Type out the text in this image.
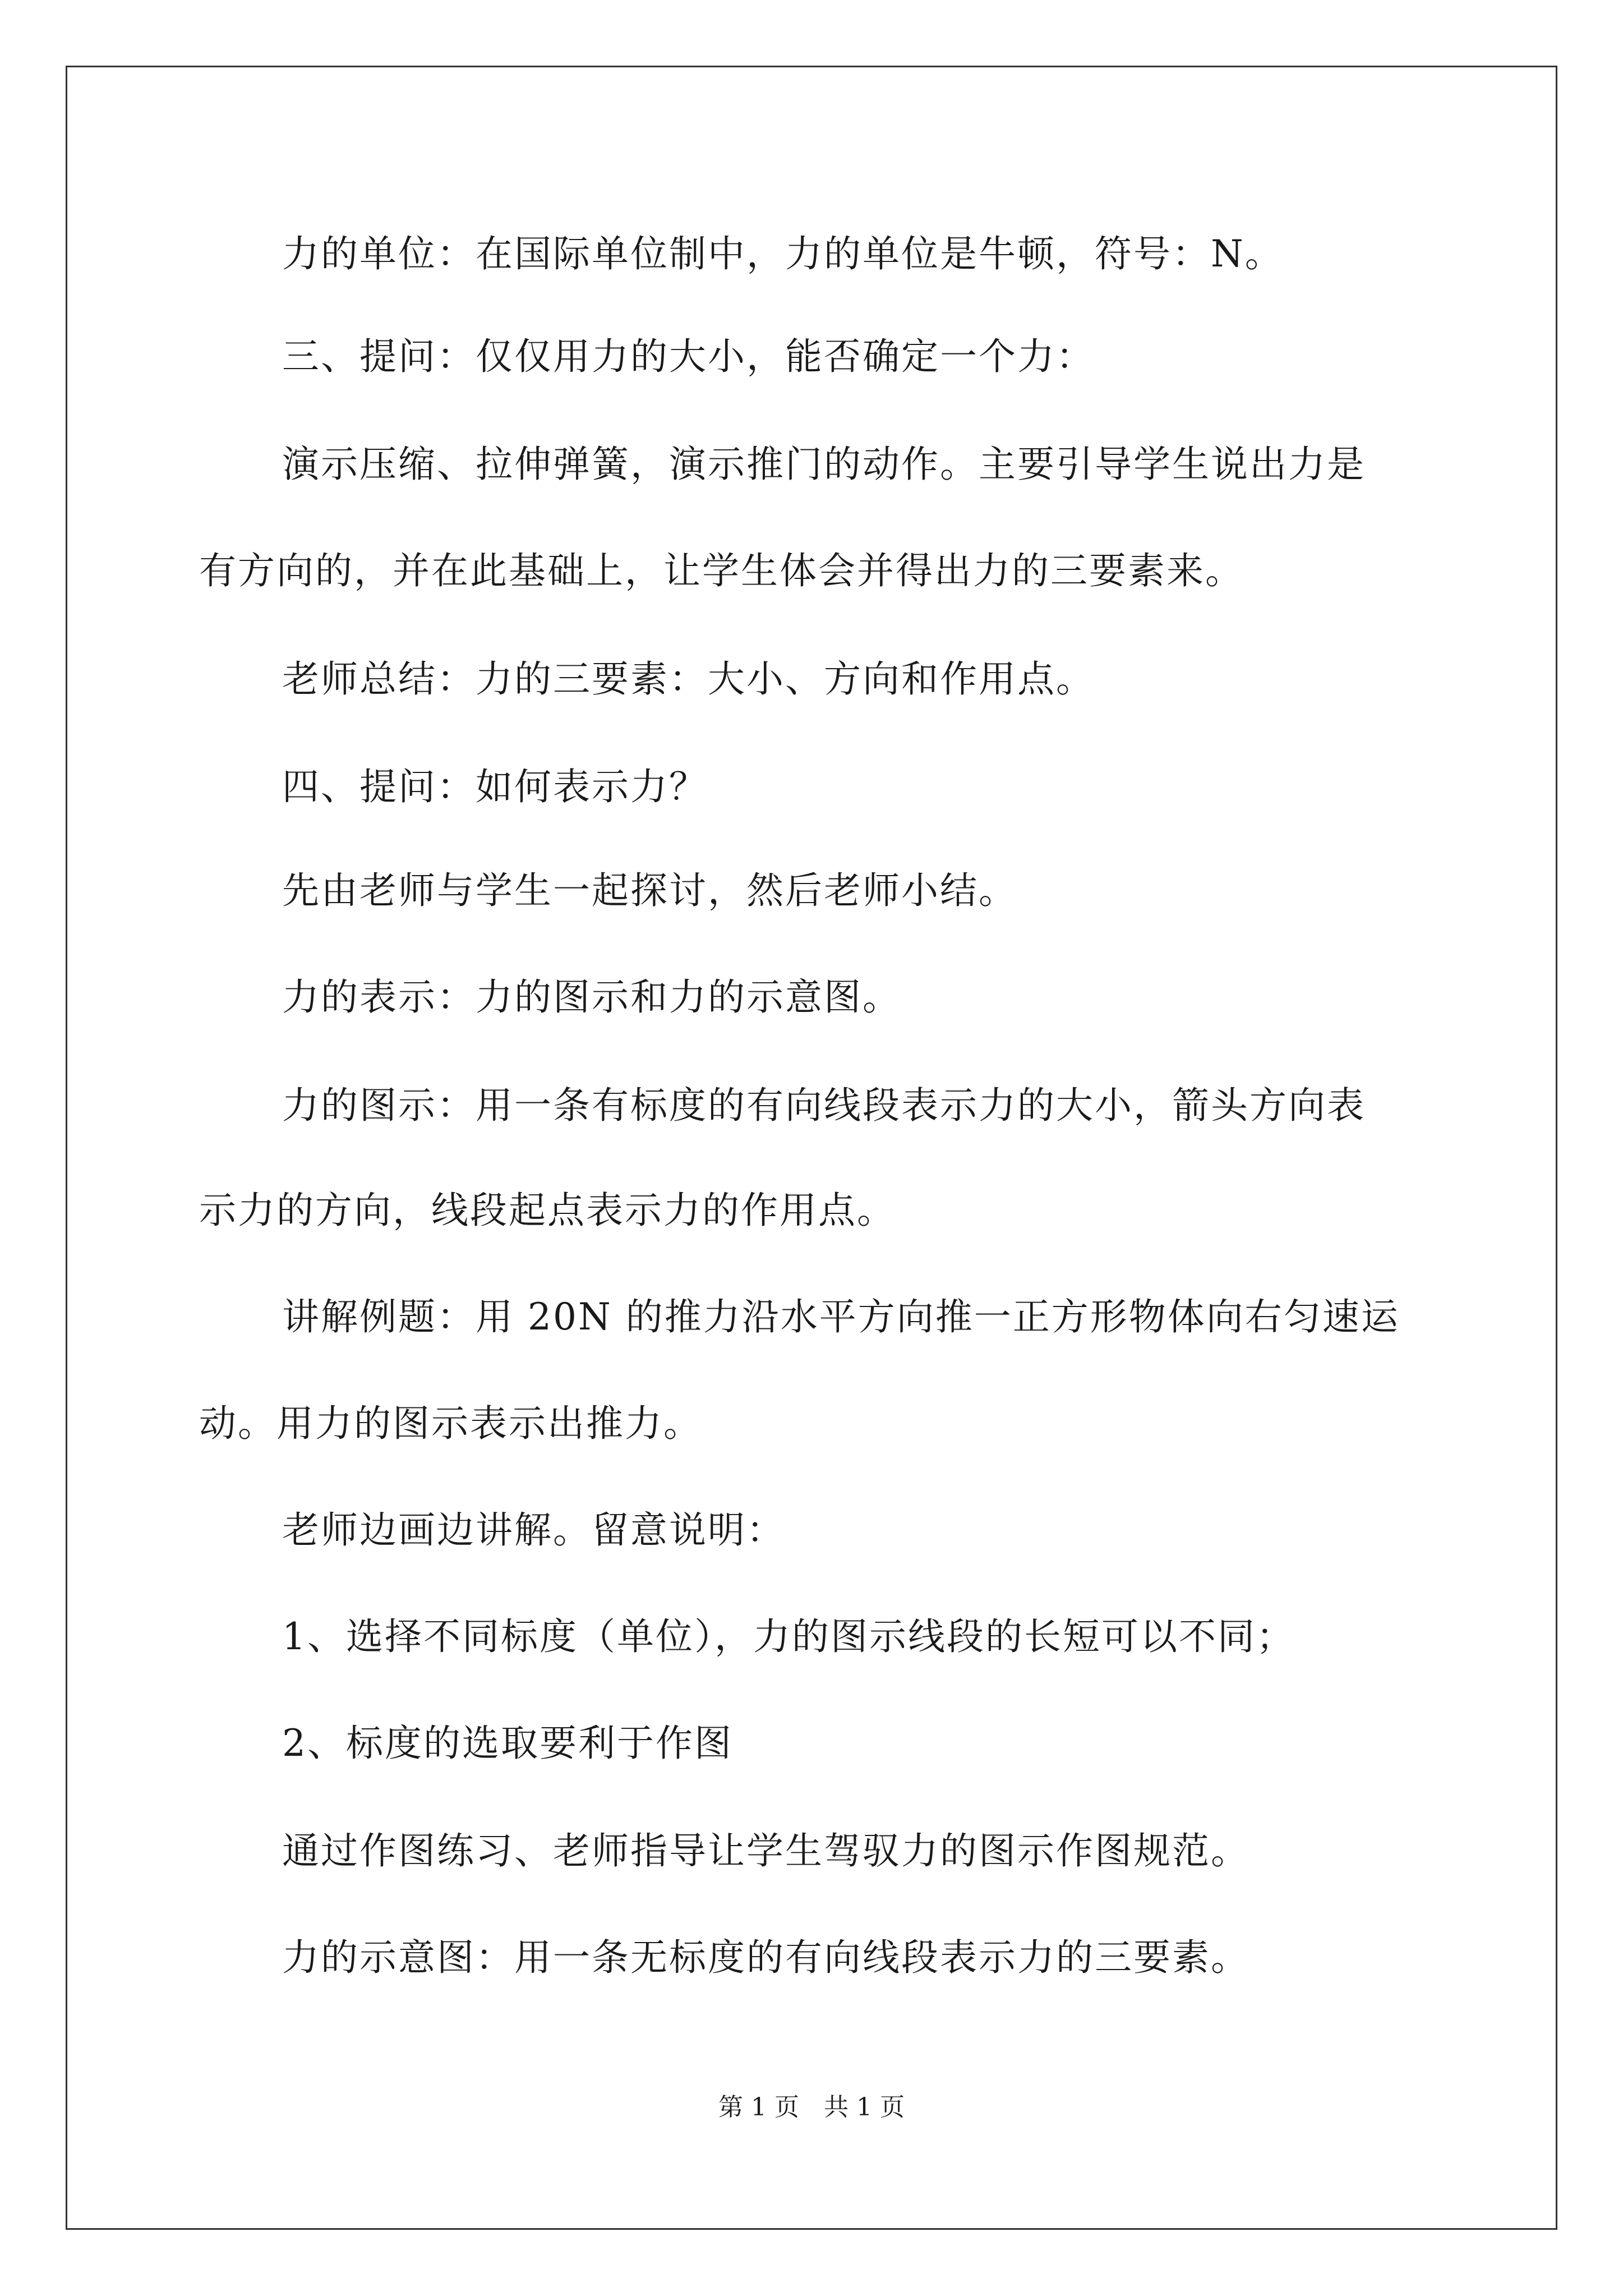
力的单位：在国际单位制中，力的单位是牛顿，符号：N。

三、提问：仅仅用力的大小，能否确定一个力：

演示压缩、拉伸弹簧，演示推门的动作。主要引导学生说出力是

有方向的，并在此基础上，让学生体会并得出力的三要素来。

老师总结：力的三要素：大小、方向和作用点。

四、提问：如何表示力？

先由老师与学生一起探讨，然后老师小结。

力的表示：力的图示和力的示意图。

力的图示：用一条有标度的有向线段表示力的大小，箭头方向表

示力的方向，线段起点表示力的作用点。

讲解例题：用 20N 的推力沿水平方向推一正方形物体向右匀速运

动。用力的图示表示出推力。

老师边画边讲解。留意说明：

1、选择不同标度（单位），力的图示线段的长短可以不同；

2、标度的选取要利于作图

通过作图练习、老师指导让学生驾驭力的图示作图规范。

力的示意图：用一条无标度的有向线段表示力的三要素。

第 1 页　共 1 页
